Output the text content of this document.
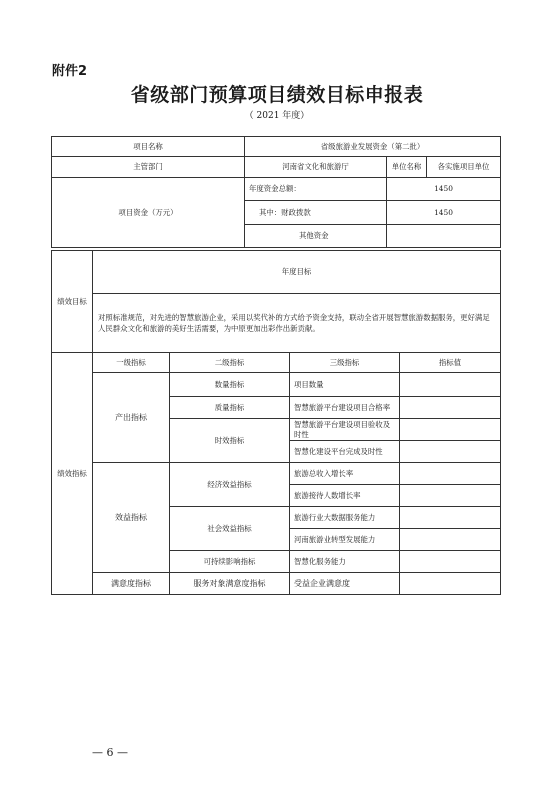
附件2
省级部门预算项目绩效目标申报表
（ 2021 年度）
项目名称	省级旅游业发展资金（第二批）		
主管部门	河南省文化和旅游厅	单位名称	各实施项目单位
项目资金（万元）	年度资金总额：	1450	
	其中：财政拨款	1450	
	其他资金		
绩效目标	年度目标
对照标准规范，对先进的智慧旅游企业，采用以奖代补的方式给予资金支持，联动全省开展智慧旅游数据服务，更好满足人民群众文化和旅游的美好生活需要，为中原更加出彩作出新贡献。
绩效指标	一级指标	二级指标	三级指标	指标值
	产出指标	数量指标	项目数量	
		质量指标	智慧旅游平台建设项目合格率	
		时效指标	智慧旅游平台建设项目验收及时性	
			智慧化建设平台完成及时性	
	效益指标	经济效益指标	旅游总收入增长率	
			旅游接待人数增长率	
		社会效益指标	旅游行业大数据服务能力	
			河南旅游业转型发展能力	
		可持续影响指标	智慧化服务能力	
	满意度指标	服务对象满意度指标	受益企业满意度	
— 6 —
